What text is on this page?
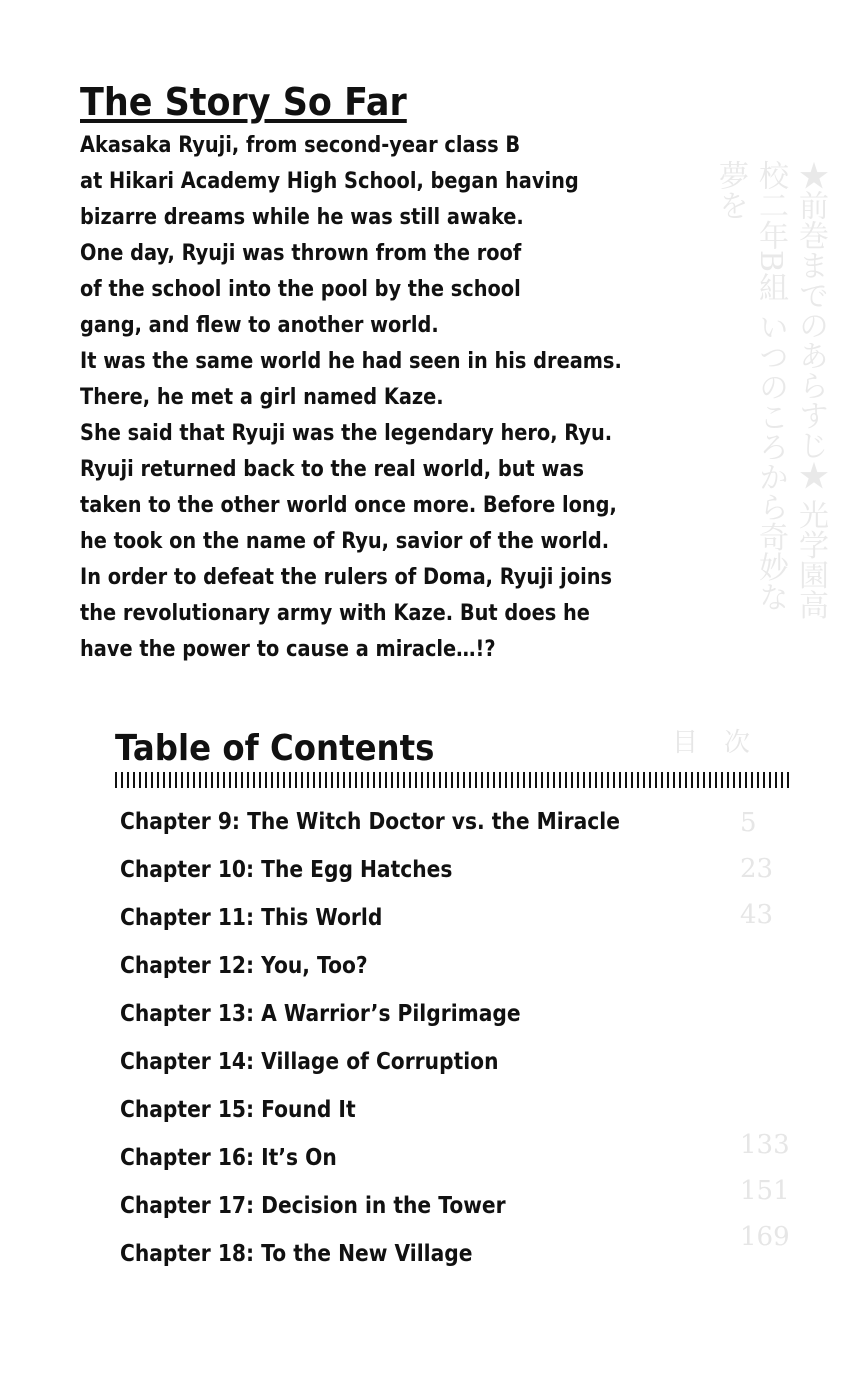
★前巻までのあらすじ★ 光学園高校二年B組 いつのころから奇妙な夢を
目　次
5
23
43

133
151
169
The Story So Far
Akasaka Ryuji, from second-year class B
at Hikari Academy High School, began having
bizarre dreams while he was still awake.
One day, Ryuji was thrown from the roof
of the school into the pool by the school
gang, and flew to another world.
It was the same world he had seen in his dreams.
There, he met a girl named Kaze.
She said that Ryuji was the legendary hero, Ryu.
Ryuji returned back to the real world, but was
taken to the other world once more. Before long,
he took on the name of Ryu, savior of the world.
In order to defeat the rulers of Doma, Ryuji joins
the revolutionary army with Kaze. But does he
have the power to cause a miracle…!?
Table of Contents
Chapter 9: The Witch Doctor vs. the Miracle
Chapter 10: The Egg Hatches
Chapter 11: This World
Chapter 12: You, Too?
Chapter 13: A Warrior’s Pilgrimage
Chapter 14: Village of Corruption
Chapter 15: Found It
Chapter 16: It’s On
Chapter 17: Decision in the Tower
Chapter 18: To the New Village
